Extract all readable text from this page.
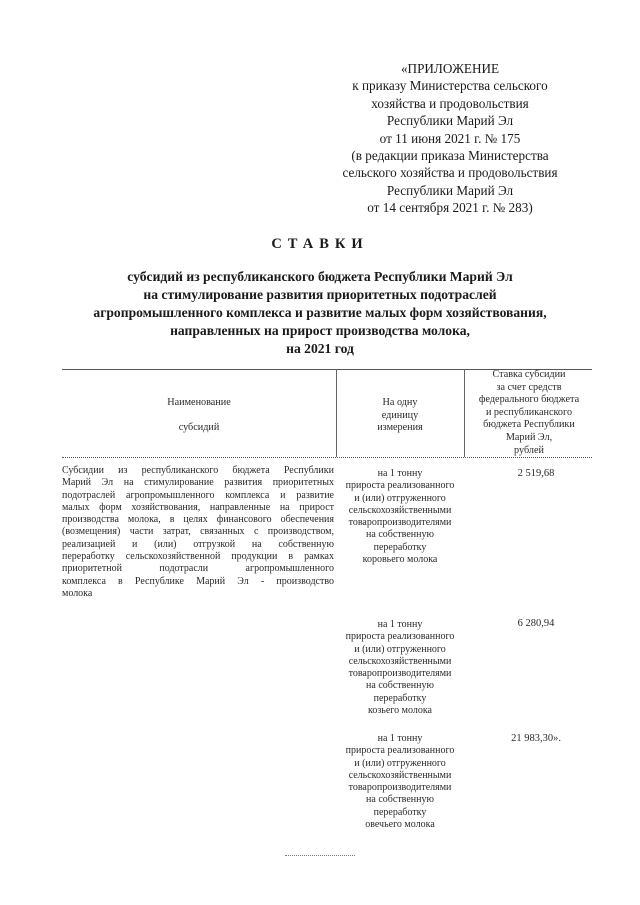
«ПРИЛОЖЕНИЕ
к приказу Министерства сельского
хозяйства и продовольствия
Республики Марий Эл
от 11 июня 2021 г. № 175
(в редакции приказа Министерства
сельского хозяйства и продовольствия
Республики Марий Эл
от 14 сентября 2021 г. № 283)
СТАВКИ
субсидий из республиканского бюджета Республики Марий Эл
на стимулирование развития приоритетных подотраслей
агропромышленного комплекса и развитие малых форм хозяйствования,
направленных на прирост производства молока,
на 2021 год
Наименование
субсидий
На одну
единицу
измерения
Ставка субсидии
за счет средств
федерального бюджета
и республиканского
бюджета Республики
Марий Эл,
рублей
Субсидии из республиканского бюджета Республики
Марий Эл на стимулирование развития приоритетных
подотраслей агропромышленного комплекса и развитие
малых форм хозяйствования, направленные на прирост
производства молока, в целях финансового обеспечения
(возмещения) части затрат, связанных с производством,
реализацией и (или) отгрузкой на собственную
переработку сельскохозяйственной продукции в рамках
приоритетной подотрасли агропромышленного
комплекса в Республике Марий Эл - производство
молока
на 1 тонну
прироста реализованного
и (или) отгруженного
сельскохозяйственными
товаропроизводителями
на собственную
переработку
коровьего молока
2 519,68
на 1 тонну
прироста реализованного
и (или) отгруженного
сельскохозяйственными
товаропроизводителями
на собственную
переработку
козьего молока
6 280,94
на 1 тонну
прироста реализованного
и (или) отгруженного
сельскохозяйственными
товаропроизводителями
на собственную
переработку
овечьего молока
21 983,30».
